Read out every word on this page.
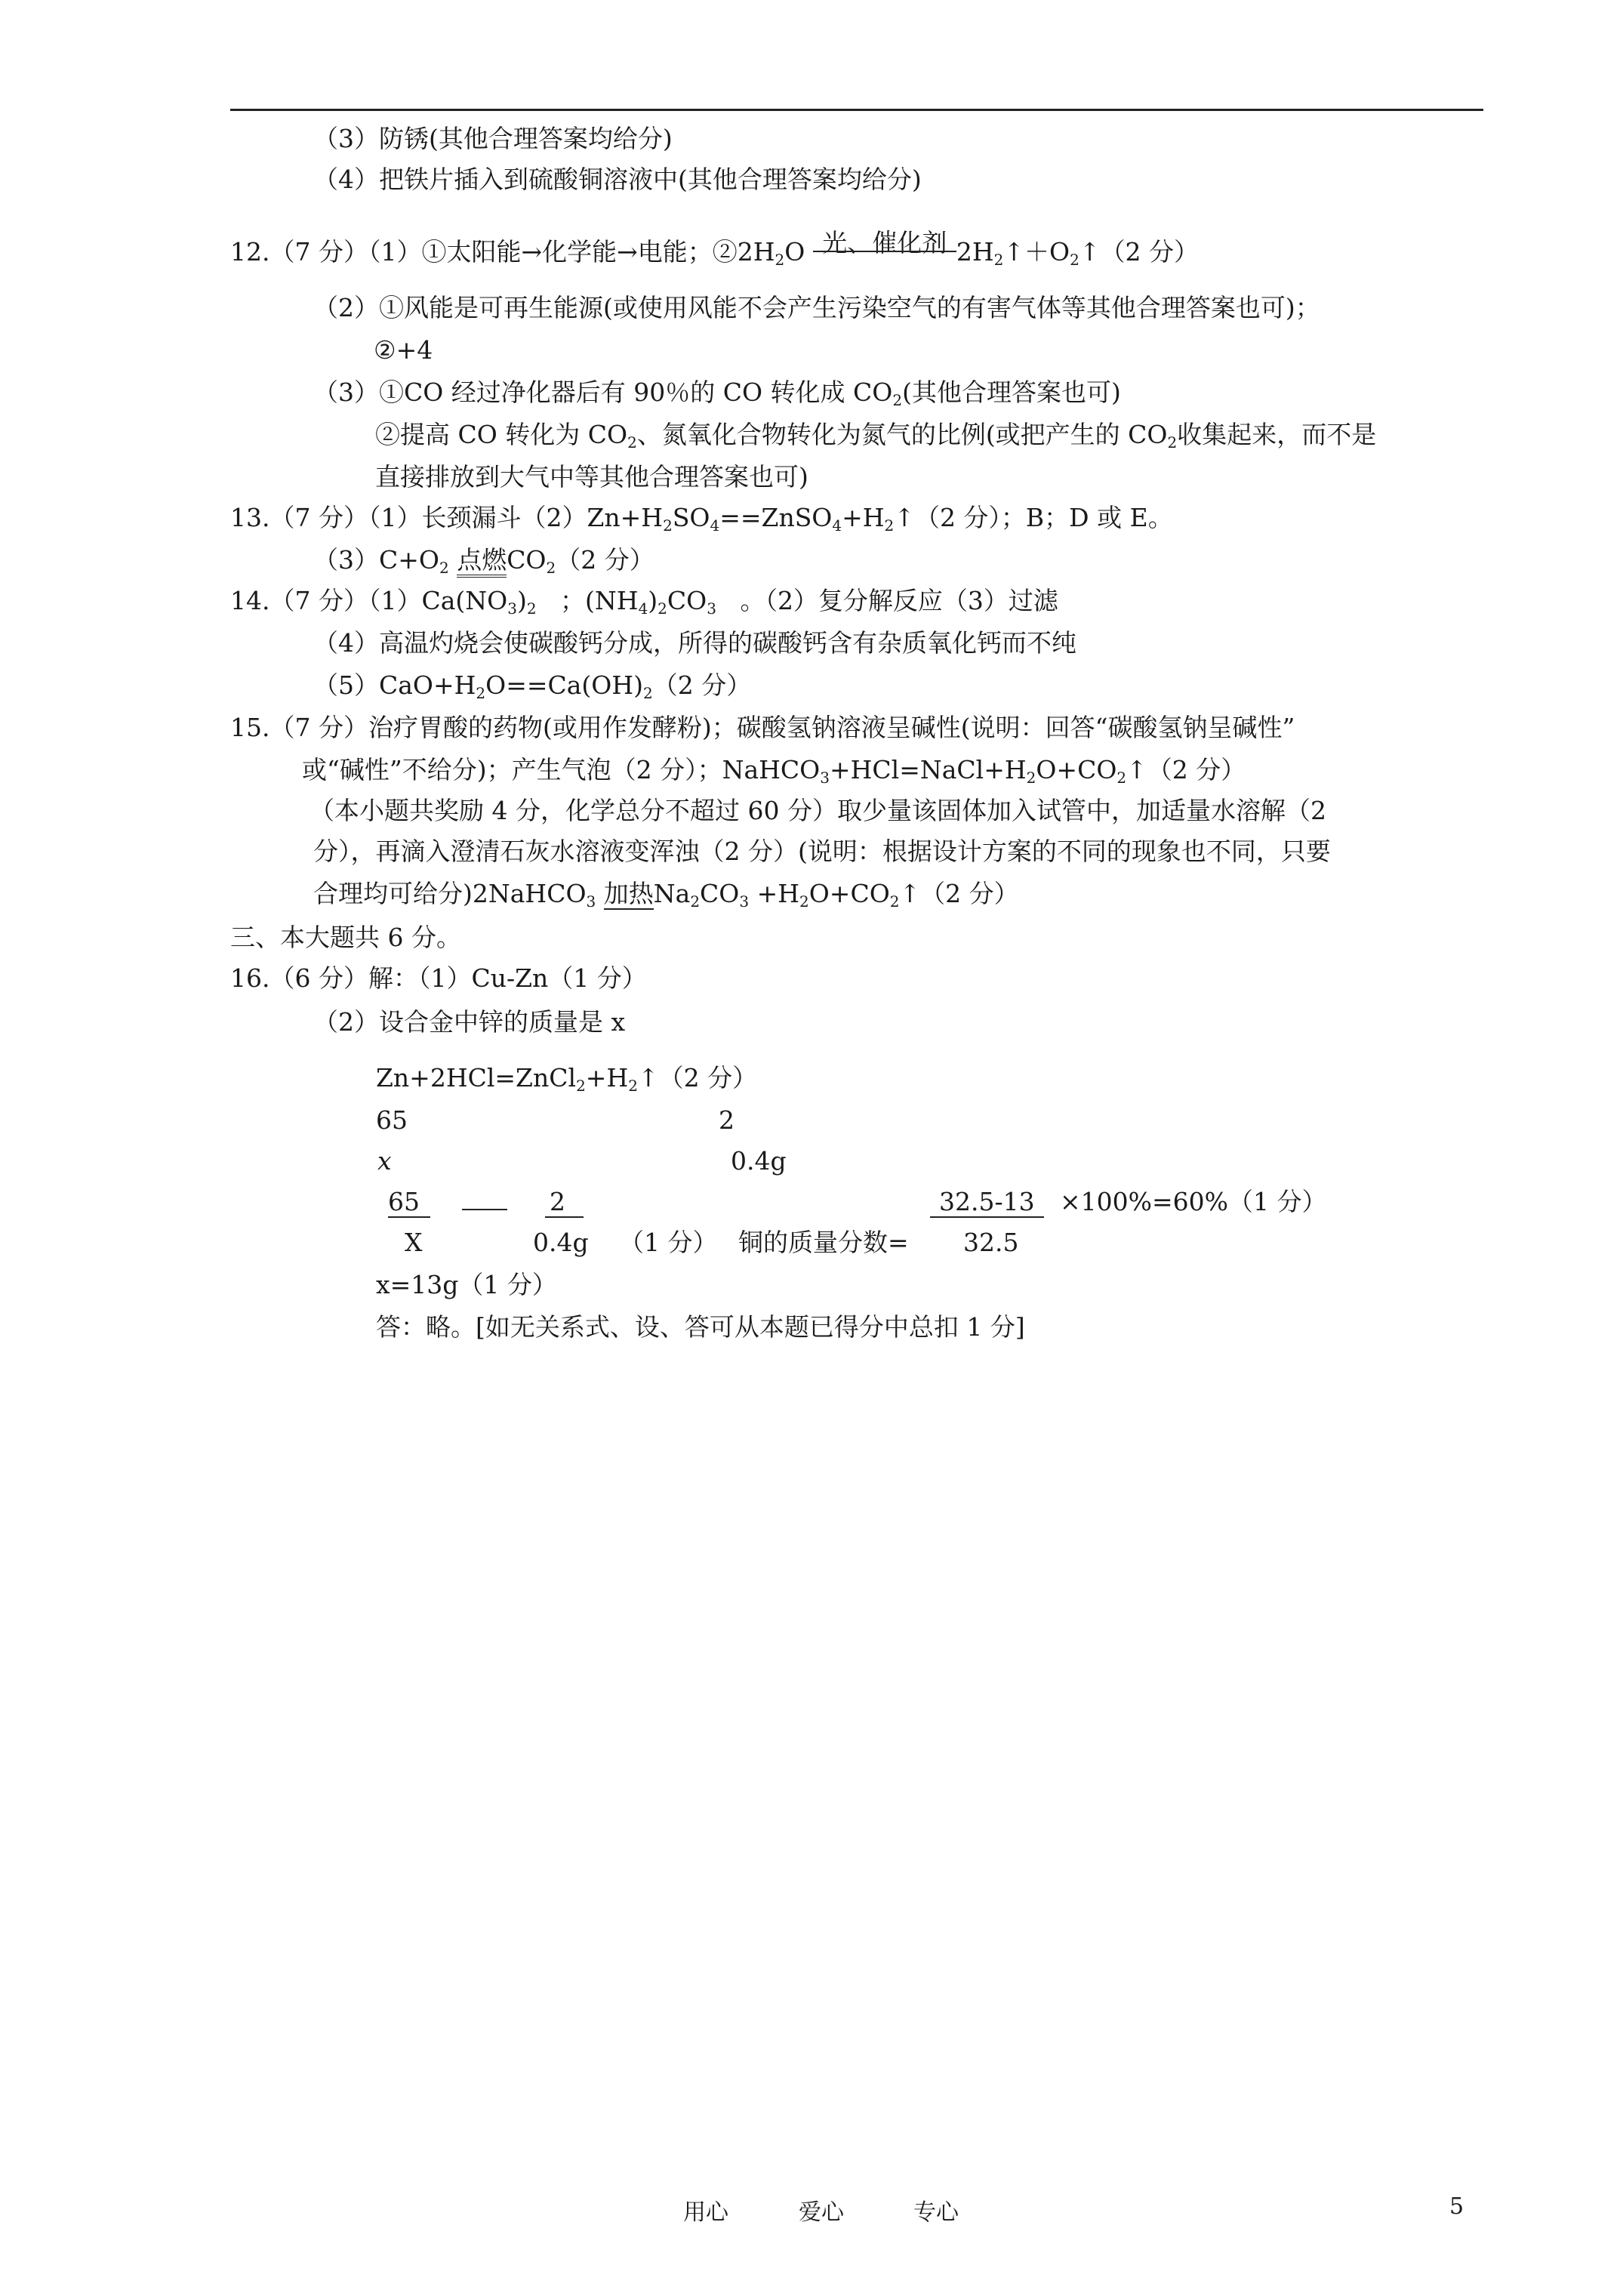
（3）防锈(其他合理答案均给分)
（4）把铁片插入到硫酸铜溶液中(其他合理答案均给分)
12.（7 分）（1）①太阳能→化学能→电能；$②2H_2O$ 光、催化剂 $2H_2↑+O_2↑(2$ 分）
（2）①风能是可再生能源(或使用风能不会产生污染空气的有害气体等其他合理答案也可)；
②+4
（3）①CO 经过净化器后有 90％的 CO 转化成 $CO_2$(其他合理答案也可)
②提高 CO 转化为 $CO_2$、氮氧化合物转化为氮气的比例(或把产生的 $CO_2$收集起来，而不是
直接排放到大气中等其他合理答案也可)
13.（7 分）（1）长颈漏斗$(2)Zn+H_2SO_4==ZnSO_4+H_2↑(2$ 分）；B；D 或 E。
$(3)C+O_2$ 点燃$CO_2(2$ 分）
14.（7 分）$(1)Ca(NO_3)_2$ ；$(NH_4)_2CO_3$ 。（2）复分解反应（3）过滤
（4）高温灼烧会使碳酸钙分成，所得的碳酸钙含有杂质氧化钙而不纯
$(5)CaO+H_2O==Ca(OH)_2(2$ 分）
15.（7 分）治疗胃酸的药物(或用作发酵粉)；碳酸氢钠溶液呈碱性(说明：回答“碳酸氢钠呈碱性”
或“碱性”不给分)；产生气泡（2 分）；$NaHCO_3+HCl=NaCl+H_2O+CO_2↑(2$ 分）
（本小题共奖励 4 分，化学总分不超过 60 分）取少量该固体加入试管中，加适量水溶解（2
分），再滴入澄清石灰水溶液变浑浊（2 分）(说明：根据设计方案的不同的现象也不同，只要
合理均可给分)2NaHCO$_3$ 加热$Na_2CO_3$ $+H_2O+CO_2↑(2$ 分）
三、本大题共 6 分。
16.（6 分）解：（1）Cu-Zn（1 分）
（2）设合金中锌的质量是 x
$Zn+2HCl=ZnCl_2+H_2↑(2$ 分）
65	2
x	0.4g
65	2	32.5-13	×100%=60%（1 分）
X	0.4g （1 分） 铜的质量分数= 32.5
x=13g（1 分）
答：略。[如无关系式、设、答可从本题已得分中总扣 1 分]
用心	爱心	专心	5
